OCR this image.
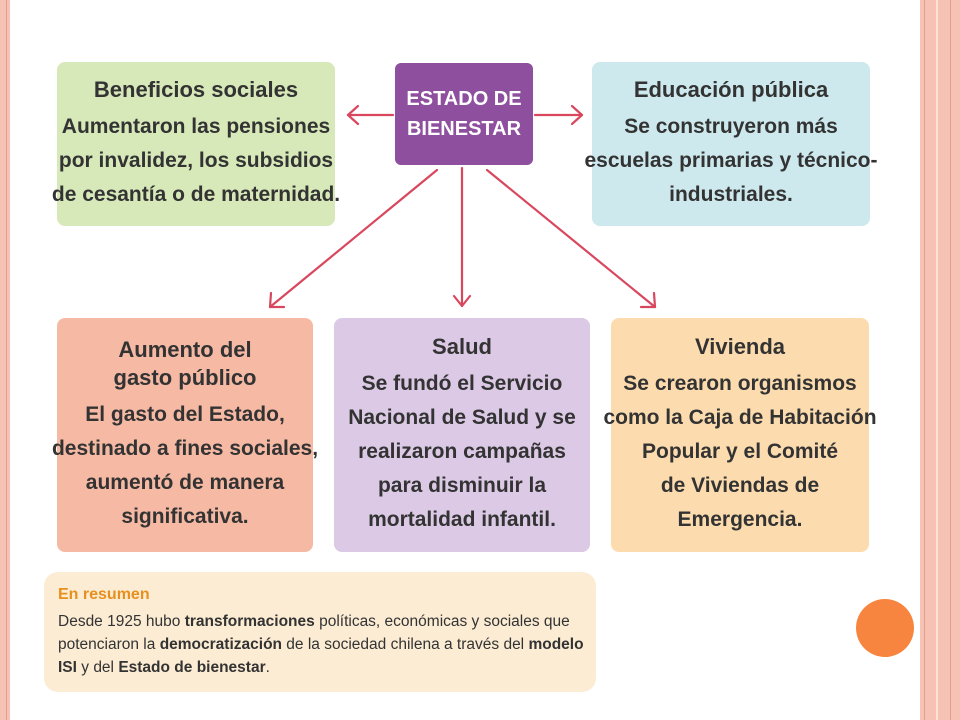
ESTADO DE
BIENESTAR
Beneficios sociales
Aumentaron las pensiones
por invalidez, los subsidios
de cesantía o de maternidad.
Educación pública
Se construyeron más
escuelas primarias y técnico-
industriales.
Aumento del
gasto público
El gasto del Estado,
destinado a fines sociales,
aumentó de manera
significativa.
Salud
Se fundó el Servicio
Nacional de Salud y se
realizaron campañas
para disminuir la
mortalidad infantil.
Vivienda
Se crearon organismos
como la Caja de Habitación
Popular y el Comité
de Viviendas de
Emergencia.
En resumen
Desde 1925 hubo transformaciones políticas, económicas y sociales que potenciaron la democratización de la sociedad chilena a través del modelo ISI y del Estado de bienestar.
